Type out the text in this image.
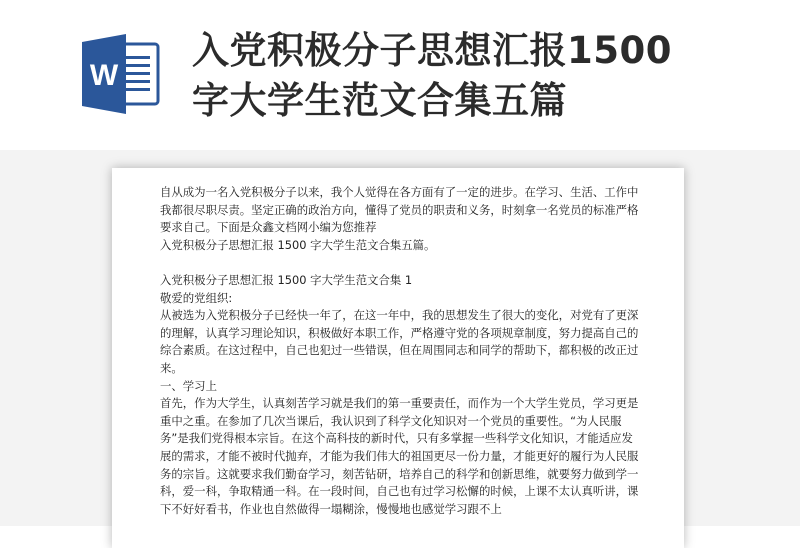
W
入党积极分子思想汇报1500
字大学生范文合集五篇

自从成为一名入党积极分子以来，我个人觉得在各方面有了一定的进步。在学习、生活、工作中我都很尽职尽责。坚定正确的政治方向，懂得了党员的职责和义务，时刻拿一名党员的标准严格要求自己。下面是众鑫文档网小编为您推荐

入党积极分子思想汇报 1500 字大学生范文合集五篇。

入党积极分子思想汇报 1500 字大学生范文合集 1

敬爱的党组织:

从被选为入党积极分子已经快一年了，在这一年中，我的思想发生了很大的变化，对党有了更深的理解，认真学习理论知识，积极做好本职工作，严格遵守党的各项规章制度，努力提高自己的综合素质。在这过程中，自己也犯过一些错误，但在周围同志和同学的帮助下，都积极的改正过来。

一、学习上

首先，作为大学生，认真刻苦学习就是我们的第一重要责任，而作为一个大学生党员，学习更是重中之重。在参加了几次当课后，我认识到了科学文化知识对一个党员的重要性。“为人民服务”是我们党得根本宗旨。在这个高科技的新时代，只有多掌握一些科学文化知识，才能适应发展的需求，才能不被时代抛弃，才能为我们伟大的祖国更尽一份力量，才能更好的履行为人民服务的宗旨。这就要求我们勤奋学习，刻苦钻研，培养自己的科学和创新思维，就要努力做到学一科，爱一科，争取精通一科。在一段时间，自己也有过学习松懈的时候，上课不太认真听讲，课下不好好看书，作业也自然做得一塌糊涂，慢慢地也感觉学习跟不上
